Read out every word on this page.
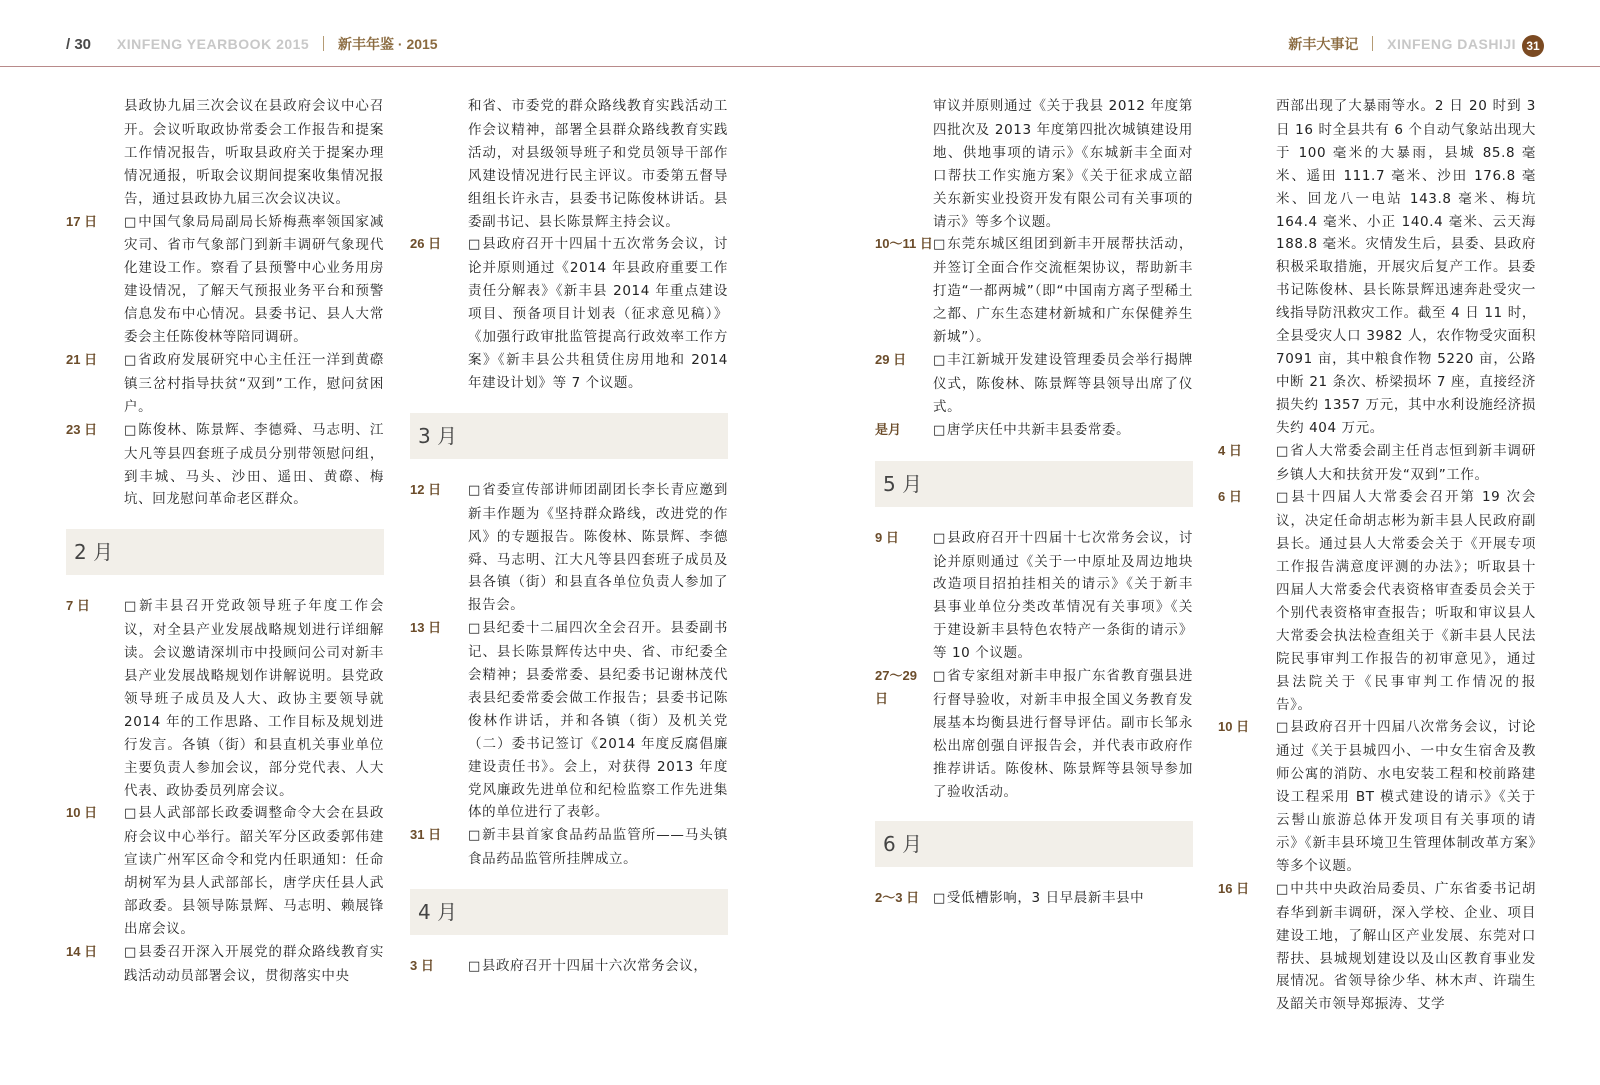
/ 30 XINFENG YEARBOOK 2015 新丰年鉴 · 2015	新丰大事记 XINFENG DASHIJI 31
县政协九届三次会议在县政府会议中心召开。会议听取政协常委会工作报告和提案工作情况报告，听取县政府关于提案办理情况通报，听取会议期间提案收集情况报告，通过县政协九届三次会议决议。
17 日	□ 中国气象局局副局长矫梅燕率领国家减灾司、省市气象部门到新丰调研气象现代化建设工作。察看了县预警中心业务用房建设情况，了解天气预报业务平台和预警信息发布中心情况。县委书记、县人大常委会主任陈俊林等陪同调研。
21 日	□ 省政府发展研究中心主任汪一洋到黄磜镇三岔村指导扶贫“双到”工作，慰问贫困户。
23 日	□ 陈俊林、陈景辉、李德舜、马志明、江大凡等县四套班子成员分别带领慰问组，到丰城、马头、沙田、遥田、黄磜、梅坑、回龙慰问革命老区群众。
2 月
7 日	□ 新丰县召开党政领导班子年度工作会议，对全县产业发展战略规划进行详细解读。会议邀请深圳市中投顾问公司对新丰县产业发展战略规划作讲解说明。县党政领导班子成员及人大、政协主要领导就 2014 年的工作思路、工作目标及规划进行发言。各镇（街）和县直机关事业单位主要负责人参加会议，部分党代表、人大代表、政协委员列席会议。
10 日	□ 县人武部部长政委调整命令大会在县政府会议中心举行。韶关军分区政委郭伟建宣读广州军区命令和党内任职通知：任命胡树军为县人武部部长，唐学庆任县人武部政委。县领导陈景辉、马志明、赖展锋出席会议。
14 日	□ 县委召开深入开展党的群众路线教育实践活动动员部署会议，贯彻落实中央
和省、市委党的群众路线教育实践活动工作会议精神，部署全县群众路线教育实践活动，对县级领导班子和党员领导干部作风建设情况进行民主评议。市委第五督导组组长许永吉，县委书记陈俊林讲话。县委副书记、县长陈景辉主持会议。
26 日	□ 县政府召开十四届十五次常务会议，讨论并原则通过《2014 年县政府重要工作责任分解表》《新丰县 2014 年重点建设项目、预备项目计划表（征求意见稿）》《加强行政审批监管提高行政效率工作方案》《新丰县公共租赁住房用地和 2014 年建设计划》等 7 个议题。
3 月
12 日	□ 省委宣传部讲师团副团长李长青应邀到新丰作题为《坚持群众路线，改进党的作风》的专题报告。陈俊林、陈景辉、李德舜、马志明、江大凡等县四套班子成员及县各镇（街）和县直各单位负责人参加了报告会。
13 日	□ 县纪委十二届四次全会召开。县委副书记、县长陈景辉传达中央、省、市纪委全会精神；县委常委、县纪委书记谢林茂代表县纪委常委会做工作报告；县委书记陈俊林作讲话，并和各镇（街）及机关党（二）委书记签订《2014 年度反腐倡廉建设责任书》。会上，对获得 2013 年度党风廉政先进单位和纪检监察工作先进集体的单位进行了表彰。
31 日	□ 新丰县首家食品药品监管所——马头镇食品药品监管所挂牌成立。
4 月
3 日	□ 县政府召开十四届十六次常务会议，
审议并原则通过《关于我县 2012 年度第四批次及 2013 年度第四批次城镇建设用地、供地事项的请示》《东城新丰全面对口帮扶工作实施方案》《关于征求成立韶关东新实业投资开发有限公司有关事项的请示》等多个议题。
10～11 日	□ 东莞东城区组团到新丰开展帮扶活动，并签订全面合作交流框架协议，帮助新丰打造“一都两城”（即“中国南方离子型稀土之都、广东生态建材新城和广东保健养生新城”）。
29 日	□ 丰江新城开发建设管理委员会举行揭牌仪式，陈俊林、陈景辉等县领导出席了仪式。
是月	□ 唐学庆任中共新丰县委常委。
5 月
9 日	□ 县政府召开十四届十七次常务会议，讨论并原则通过《关于一中原址及周边地块改造项目招拍挂相关的请示》《关于新丰县事业单位分类改革情况有关事项》《关于建设新丰县特色农特产一条街的请示》等 10 个议题。
27～29 日
□ 省专家组对新丰申报广东省教育强县进行督导验收，对新丰申报全国义务教育发展基本均衡县进行督导评估。副市长邹永松出席创强自评报告会，并代表市政府作推荐讲话。陈俊林、陈景辉等县领导参加了验收活动。
6 月
2～3 日	□ 受低槽影响，3 日早晨新丰县中
西部出现了大暴雨等水。2 日 20 时到 3 日 16 时全县共有 6 个自动气象站出现大于 100 毫米的大暴雨，县城 85.8 毫米、遥田 111.7 毫米、沙田 176.8 毫米、回龙八一电站 143.8 毫米、梅坑 164.4 毫米、小正 140.4 毫米、云天海 188.8 毫米。灾情发生后，县委、县政府积极采取措施，开展灾后复产工作。县委书记陈俊林、县长陈景辉迅速奔赴受灾一线指导防汛救灾工作。截至 4 日 11 时，全县受灾人口 3982 人，农作物受灾面积 7091 亩，其中粮食作物 5220 亩，公路中断 21 条次、桥梁损坏 7 座，直接经济损失约 1357 万元，其中水利设施经济损失约 404 万元。
4 日	□ 省人大常委会副主任肖志恒到新丰调研乡镇人大和扶贫开发“双到”工作。
6 日	□ 县十四届人大常委会召开第 19 次会议，决定任命胡志彬为新丰县人民政府副县长。通过县人大常委会关于《开展专项工作报告满意度评测的办法》；听取县十四届人大常委会代表资格审查委员会关于个别代表资格审查报告；听取和审议县人大常委会执法检查组关于《新丰县人民法院民事审判工作报告的初审意见》，通过县法院关于《民事审判工作情况的报告》。
10 日	□ 县政府召开十四届八次常务会议，讨论通过《关于县城四小、一中女生宿舍及教师公寓的消防、水电安装工程和校前路建设工程采用 BT 模式建设的请示》《关于云髻山旅游总体开发项目有关事项的请示》《新丰县环境卫生管理体制改革方案》等多个议题。
16 日	□ 中共中央政治局委员、广东省委书记胡春华到新丰调研，深入学校、企业、项目建设工地，了解山区产业发展、东莞对口帮扶、县城规划建设以及山区教育事业发展情况。省领导徐少华、林木声、许瑞生及韶关市领导郑振涛、艾学
